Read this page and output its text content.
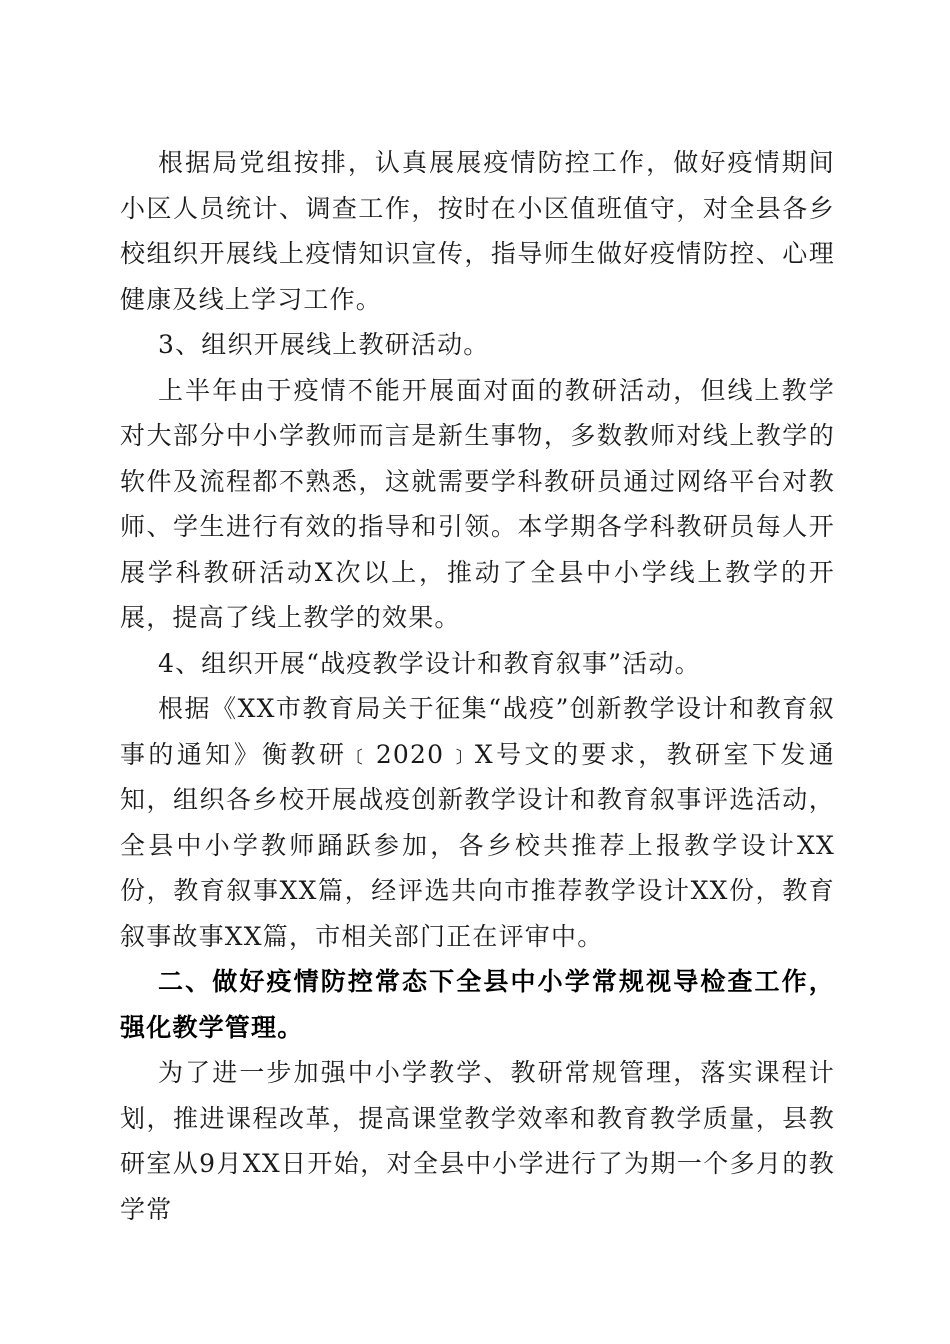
根据局党组按排，认真展展疫情防控工作，做好疫情期间小区人员统计、调查工作，按时在小区值班值守，对全县各乡校组织开展线上疫情知识宣传，指导师生做好疫情防控、心理健康及线上学习工作。

3、组织开展线上教研活动。

上半年由于疫情不能开展面对面的教研活动，但线上教学对大部分中小学教师而言是新生事物，多数教师对线上教学的软件及流程都不熟悉，这就需要学科教研员通过网络平台对教师、学生进行有效的指导和引领。本学期各学科教研员每人开展学科教研活动X次以上，推动了全县中小学线上教学的开展，提高了线上教学的效果。

4、组织开展“战疫教学设计和教育叙事”活动。

根据《XX市教育局关于征集“战疫”创新教学设计和教育叙事的通知》衡教研﹝2020﹞X号文的要求，教研室下发通知，组织各乡校开展战疫创新教学设计和教育叙事评选活动，全县中小学教师踊跃参加，各乡校共推荐上报教学设计XX份，教育叙事XX篇，经评选共向市推荐教学设计XX份，教育叙事故事XX篇，市相关部门正在评审中。

二、做好疫情防控常态下全县中小学常规视导检查工作，强化教学管理。

为了进一步加强中小学教学、教研常规管理，落实课程计划，推进课程改革，提高课堂教学效率和教育教学质量，县教研室从9月XX日开始，对全县中小学进行了为期一个多月的教学常
